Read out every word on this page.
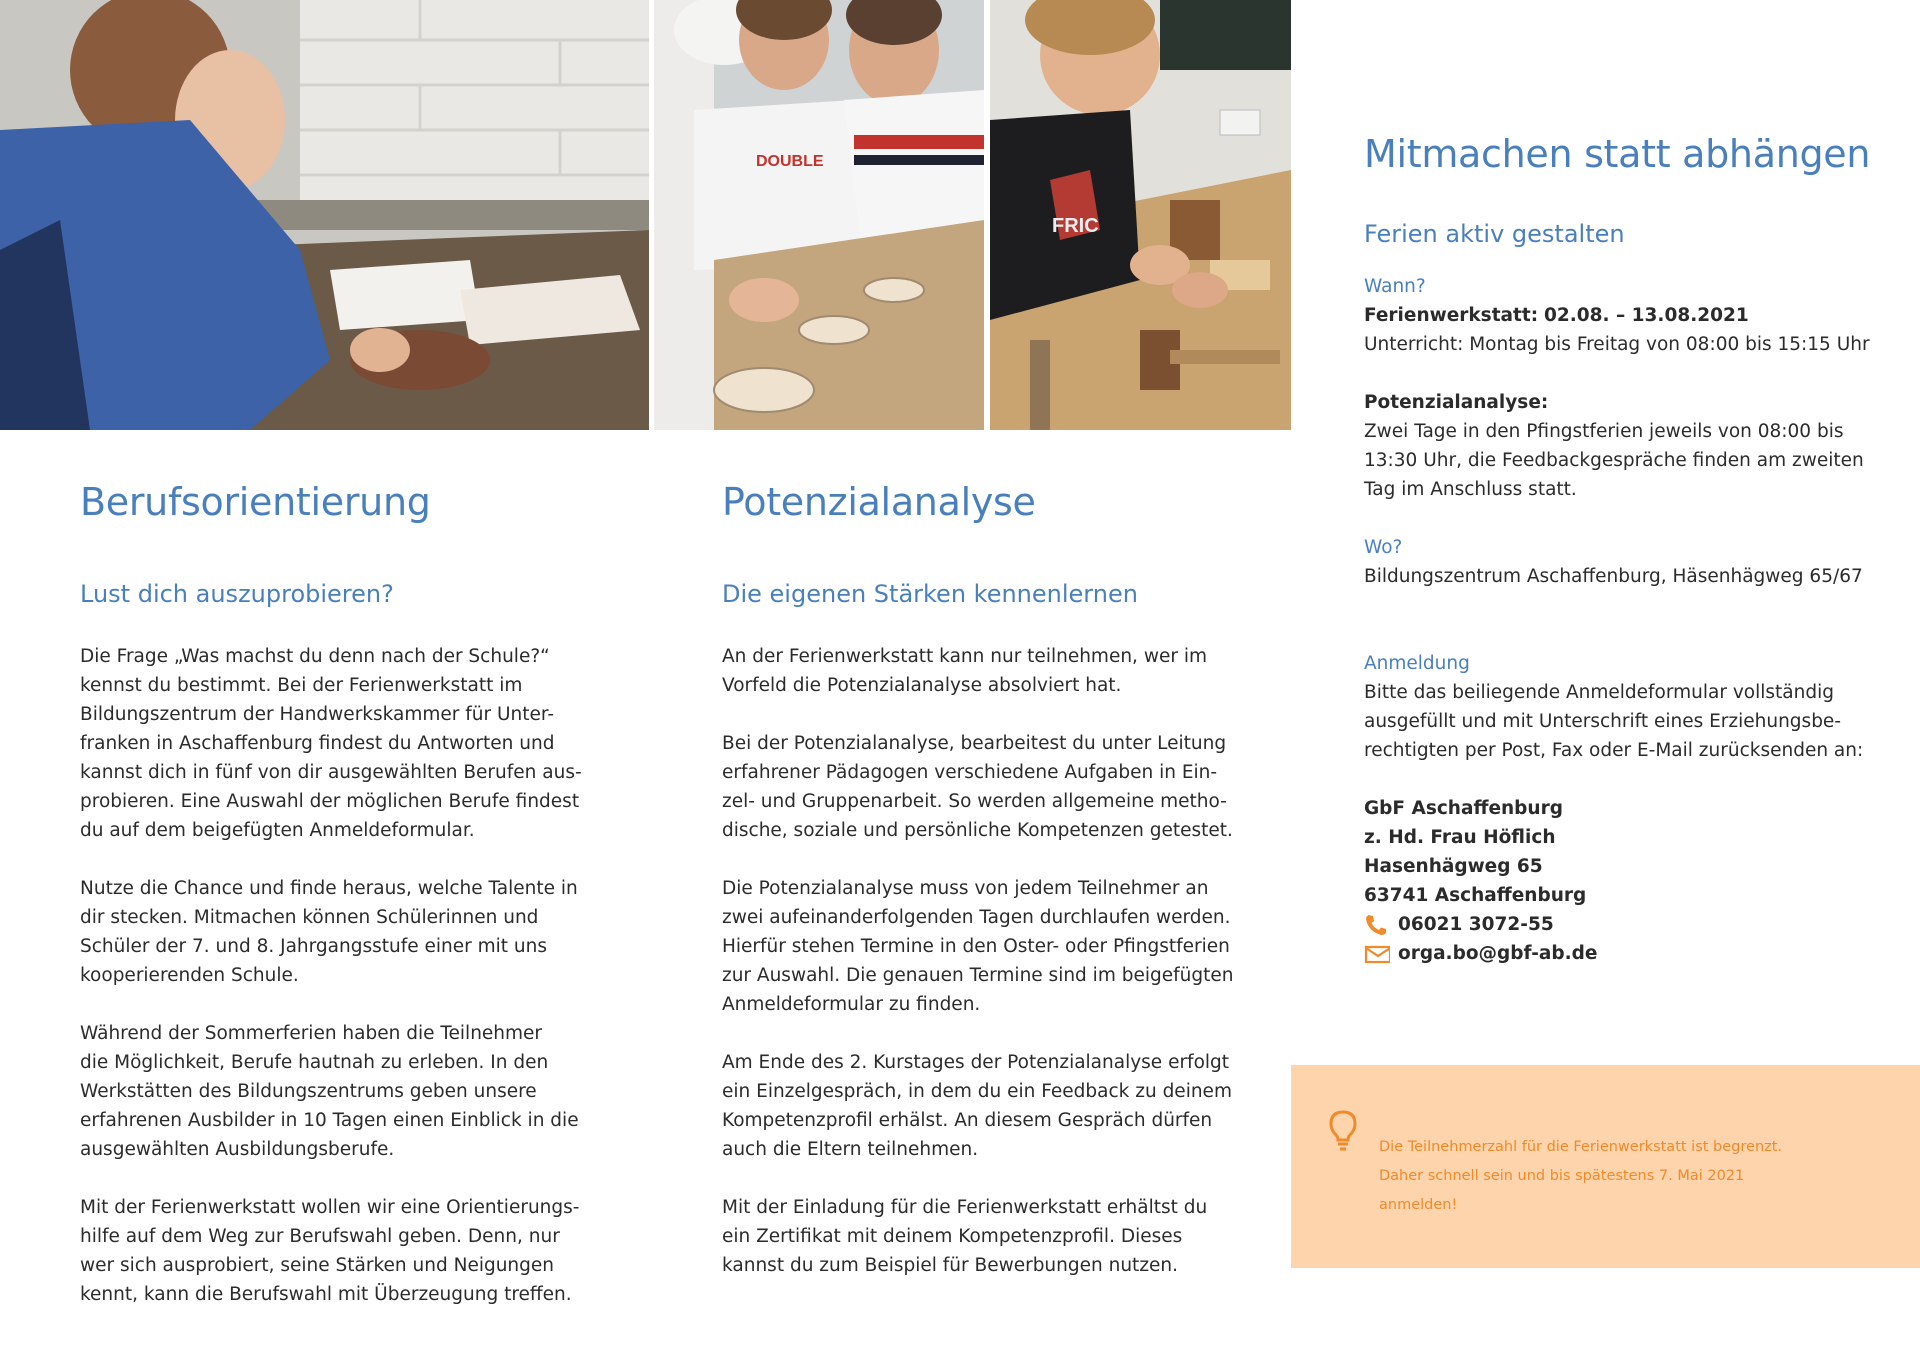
DOUBLE
FRIC
Berufsorientierung
Lust dich auszuprobieren?

Die Frage „Was machst du denn nach der Schule?“
kennst du bestimmt. Bei der Ferienwerkstatt im
Bildungszentrum der Handwerkskammer für Unter-
franken in Aschaffenburg findest du Antworten und
kannst dich in fünf von dir ausgewählten Berufen aus-
probieren. Eine Auswahl der möglichen Berufe findest
du auf dem beigefügten Anmeldeformular.

Nutze die Chance und finde heraus, welche Talente in
dir stecken. Mitmachen können Schülerinnen und
Schüler der 7. und 8. Jahrgangsstufe einer mit uns
kooperierenden Schule.

Während der Sommerferien haben die Teilnehmer
die Möglichkeit, Berufe hautnah zu erleben. In den
Werkstätten des Bildungszentrums geben unsere
erfahrenen Ausbilder in 10 Tagen einen Einblick in die
ausgewählten Ausbildungsberufe.

Mit der Ferienwerkstatt wollen wir eine Orientierungs-
hilfe auf dem Weg zur Berufswahl geben. Denn, nur
wer sich ausprobiert, seine Stärken und Neigungen
kennt, kann die Berufswahl mit Überzeugung treffen.

Potenzialanalyse
Die eigenen Stärken kennenlernen

An der Ferienwerkstatt kann nur teilnehmen, wer im
Vorfeld die Potenzialanalyse absolviert hat.

Bei der Potenzialanalyse, bearbeitest du unter Leitung
erfahrener Pädagogen verschiedene Aufgaben in Ein-
zel- und Gruppenarbeit. So werden allgemeine metho-
dische, soziale und persönliche Kompetenzen getestet.

Die Potenzialanalyse muss von jedem Teilnehmer an
zwei aufeinanderfolgenden Tagen durchlaufen werden.
Hierfür stehen Termine in den Oster- oder Pfingstferien
zur Auswahl. Die genauen Termine sind im beigefügten
Anmeldeformular zu finden.

Am Ende des 2. Kurstages der Potenzialanalyse erfolgt
ein Einzelgespräch, in dem du ein Feedback zu deinem
Kompetenzprofil erhälst. An diesem Gespräch dürfen
auch die Eltern teilnehmen.

Mit der Einladung für die Ferienwerkstatt erhältst du
ein Zertifikat mit deinem Kompetenzprofil. Dieses
kannst du zum Beispiel für Bewerbungen nutzen.

Mitmachen statt abhängen
Ferien aktiv gestalten
Wann?

Ferienwerkstatt: 02.08. – 13.08.2021

Unterricht: Montag bis Freitag von 08:00 bis 15:15 Uhr

Potenzialanalyse:

Zwei Tage in den Pfingstferien jeweils von 08:00 bis
13:30 Uhr, die Feedbackgespräche finden am zweiten
Tag im Anschluss statt.

Wo?

Bildungszentrum Aschaffenburg, Häsenhägweg 65/67

Anmeldung

Bitte das beiliegende Anmeldeformular vollständig
ausgefüllt und mit Unterschrift eines Erziehungsbe-
rechtigten per Post, Fax oder E-Mail zurücksenden an:

GbF Aschaffenburg
z. Hd. Frau Höflich
Hasenhägweg 65
63741 Aschaffenburg
06021 3072-55
orga.bo@gbf-ab.de
Die Teilnehmerzahl für die Ferienwerkstatt ist begrenzt.
Daher schnell sein und bis spätestens 7. Mai 2021
anmelden!
